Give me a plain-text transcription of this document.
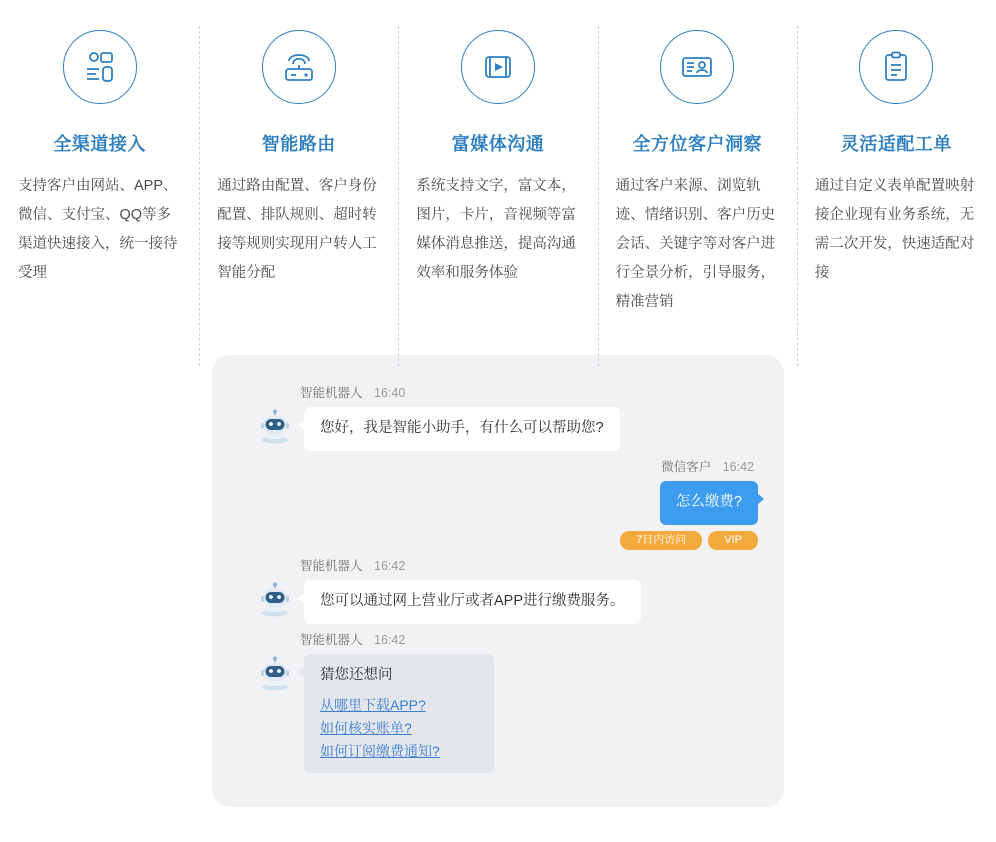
全渠道接入
支持客户由网站、APP、微信、支付宝、QQ等多渠道快速接入，统一接待受理
智能路由
通过路由配置、客户身份配置、排队规则、超时转接等规则实现用户转人工智能分配
富媒体沟通
系统支持文字，富文本，图片，卡片，音视频等富媒体消息推送，提高沟通效率和服务体验
全方位客户洞察
通过客户来源、浏览轨迹、情绪识别、客户历史会话、关键字等对客户进行全景分析，引导服务，精准营销
灵活适配工单
通过自定义表单配置映射接企业现有业务系统，无需二次开发，快速适配对接
智能机器人 16:40
您好，我是智能小助手，有什么可以帮助您?
微信客户 16:42
怎么缴费?
7日内访问	VIP
智能机器人 16:42
您可以通过网上营业厅或者APP进行缴费服务。
智能机器人 16:42
猜您还想问
从哪里下载APP?
如何核实账单?
如何订阅缴费通知?
